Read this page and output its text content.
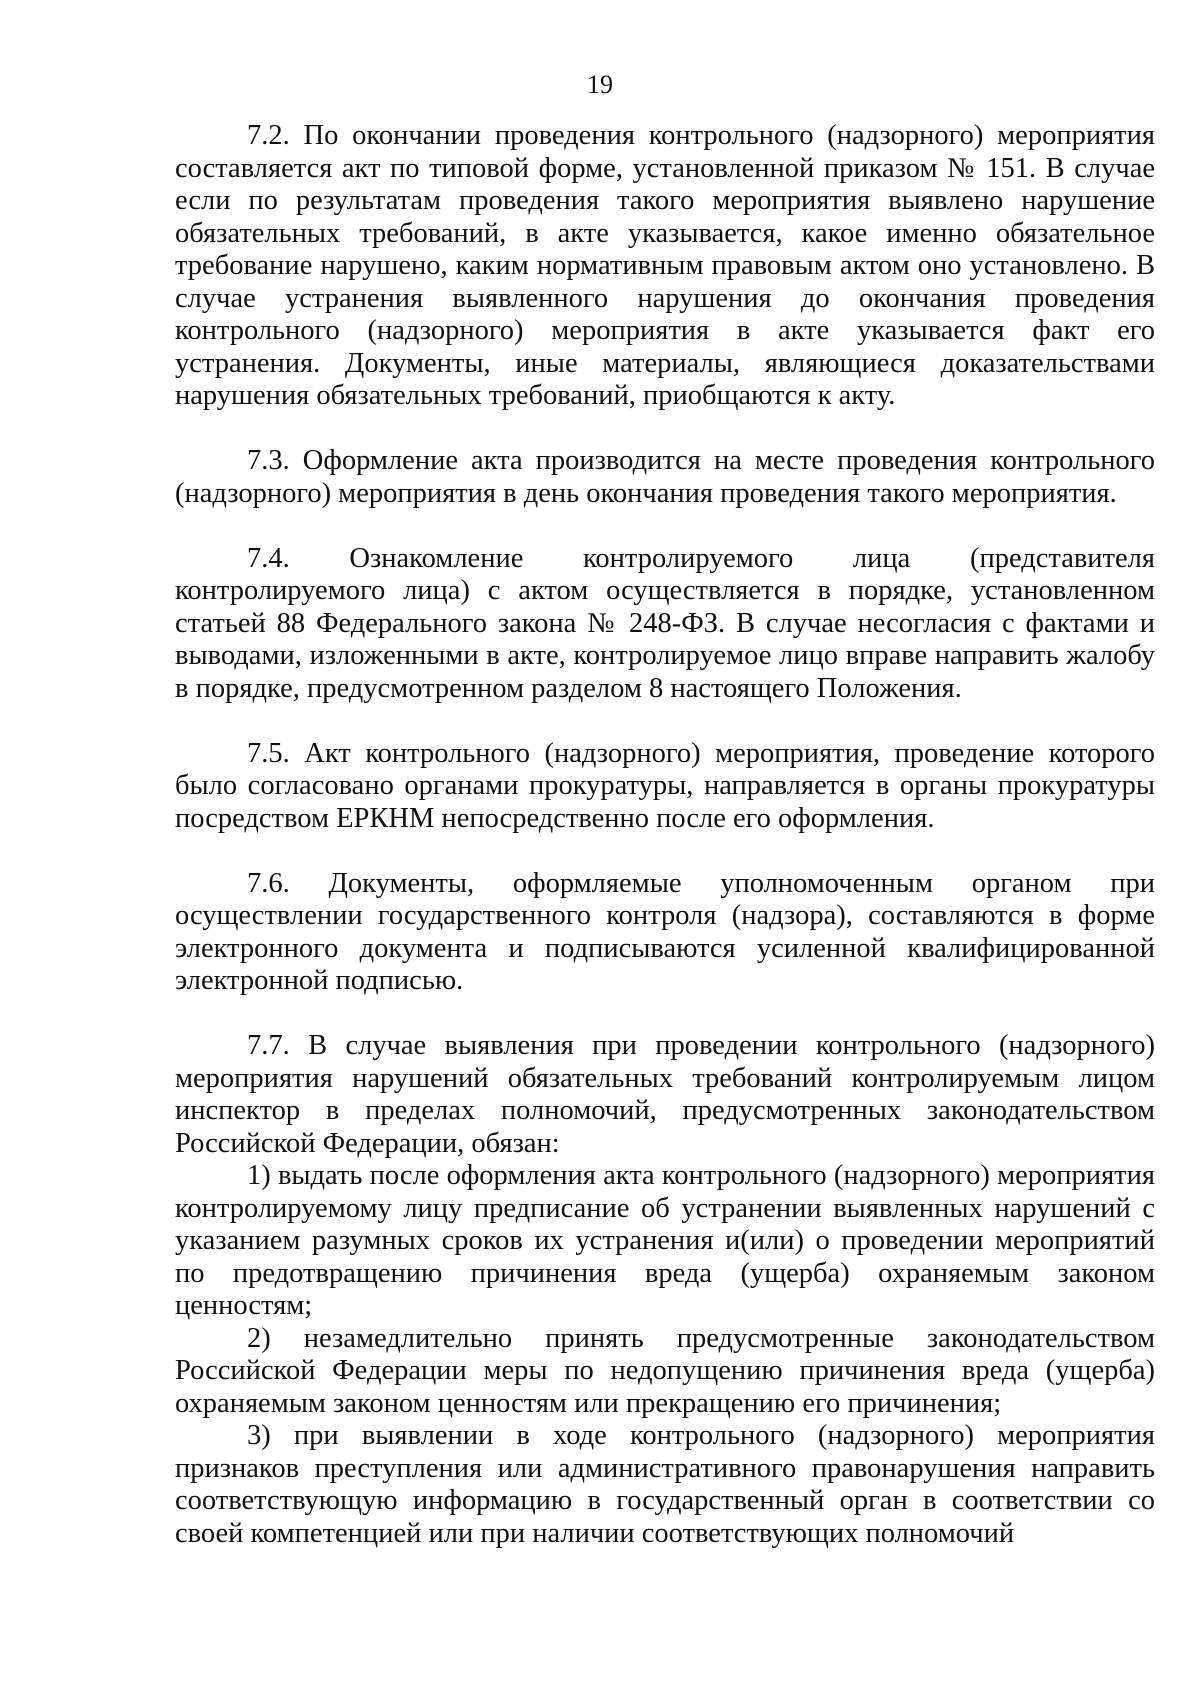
19

7.2. По окончании проведения контрольного (надзорного) мероприятия составляется акт по типовой форме, установленной приказом № 151. В случае если по результатам проведения такого мероприятия выявлено нарушение обязательных требований, в акте указывается, какое именно обязательное требование нарушено, каким нормативным правовым актом оно установлено. В случае устранения выявленного нарушения до окончания проведения контрольного (надзорного) мероприятия в акте указывается факт его устранения. Документы, иные материалы, являющиеся доказательствами нарушения обязательных требований, приобщаются к акту.

7.3. Оформление акта производится на месте проведения контрольного (надзорного) мероприятия в день окончания проведения такого мероприятия.

7.4. Ознакомление контролируемого лица (представителя контролируемого лица) с актом осуществляется в порядке, установленном статьей 88 Федерального закона № 248-ФЗ. В случае несогласия с фактами и выводами, изложенными в акте, контролируемое лицо вправе направить жалобу в порядке, предусмотренном разделом 8 настоящего Положения.

7.5. Акт контрольного (надзорного) мероприятия, проведение которого было согласовано органами прокуратуры, направляется в органы прокуратуры посредством ЕРКНМ непосредственно после его оформления.

7.6. Документы, оформляемые уполномоченным органом при осуществлении государственного контроля (надзора), составляются в форме электронного документа и подписываются усиленной квалифицированной электронной подписью.

7.7. В случае выявления при проведении контрольного (надзорного) мероприятия нарушений обязательных требований контролируемым лицом инспектор в пределах полномочий, предусмотренных законодательством Российской Федерации, обязан:

1) выдать после оформления акта контрольного (надзорного) мероприятия контролируемому лицу предписание об устранении выявленных нарушений с указанием разумных сроков их устранения и(или) о проведении мероприятий по предотвращению причинения вреда (ущерба) охраняемым законом ценностям;

2) незамедлительно принять предусмотренные законодательством Российской Федерации меры по недопущению причинения вреда (ущерба) охраняемым законом ценностям или прекращению его причинения;

3) при выявлении в ходе контрольного (надзорного) мероприятия признаков преступления или административного правонарушения направить соответствующую информацию в государственный орган в соответствии со своей компетенцией или при наличии соответствующих полномочий
